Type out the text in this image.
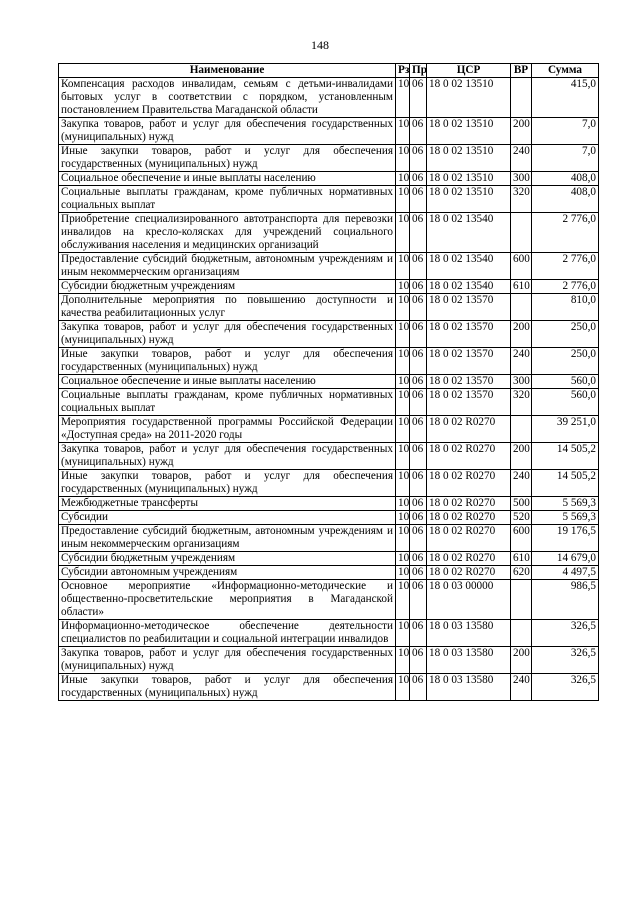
148
Наименование	Рз	Пр	ЦСР	ВР	Сумма
Компенсация расходов инвалидам, семьям с детьми-инвалидами бытовых услуг в соответствии с порядком, установленным постановлением Правительства Магаданской области	10	06	18 0 02 13510		415,0
Закупка товаров, работ и услуг для обеспечения государственных (муниципальных) нужд	10	06	18 0 02 13510	200	7,0
Иные закупки товаров, работ и услуг для обеспечения государственных (муниципальных) нужд	10	06	18 0 02 13510	240	7,0
Социальное обеспечение и иные выплаты населению	10	06	18 0 02 13510	300	408,0
Социальные выплаты гражданам, кроме публичных нормативных социальных выплат	10	06	18 0 02 13510	320	408,0
Приобретение специализированного автотранспорта для перевозки инвалидов на кресло-колясках для учреждений социального обслуживания населения и медицинских организаций	10	06	18 0 02 13540		2 776,0
Предоставление субсидий бюджетным, автономным учреждениям и иным некоммерческим организациям	10	06	18 0 02 13540	600	2 776,0
Субсидии бюджетным учреждениям	10	06	18 0 02 13540	610	2 776,0
Дополнительные мероприятия по повышению доступности и качества реабилитационных услуг	10	06	18 0 02 13570		810,0
Закупка товаров, работ и услуг для обеспечения государственных (муниципальных) нужд	10	06	18 0 02 13570	200	250,0
Иные закупки товаров, работ и услуг для обеспечения государственных (муниципальных) нужд	10	06	18 0 02 13570	240	250,0
Социальное обеспечение и иные выплаты населению	10	06	18 0 02 13570	300	560,0
Социальные выплаты гражданам, кроме публичных нормативных социальных выплат	10	06	18 0 02 13570	320	560,0
Мероприятия государственной программы Российской Федерации «Доступная среда» на 2011-2020 годы	10	06	18 0 02 R0270		39 251,0
Закупка товаров, работ и услуг для обеспечения государственных (муниципальных) нужд	10	06	18 0 02 R0270	200	14 505,2
Иные закупки товаров, работ и услуг для обеспечения государственных (муниципальных) нужд	10	06	18 0 02 R0270	240	14 505,2
Межбюджетные трансферты	10	06	18 0 02 R0270	500	5 569,3
Субсидии	10	06	18 0 02 R0270	520	5 569,3
Предоставление субсидий бюджетным, автономным учреждениям и иным некоммерческим организациям	10	06	18 0 02 R0270	600	19 176,5
Субсидии бюджетным учреждениям	10	06	18 0 02 R0270	610	14 679,0
Субсидии автономным учреждениям	10	06	18 0 02 R0270	620	4 497,5
Основное мероприятие «Информационно-методические и общественно-просветительские мероприятия в Магаданской области»	10	06	18 0 03 00000		986,5
Информационно-методическое обеспечение деятельности специалистов по реабилитации и социальной интеграции инвалидов	10	06	18 0 03 13580		326,5
Закупка товаров, работ и услуг для обеспечения государственных (муниципальных) нужд	10	06	18 0 03 13580	200	326,5
Иные закупки товаров, работ и услуг для обеспечения государственных (муниципальных) нужд	10	06	18 0 03 13580	240	326,5
